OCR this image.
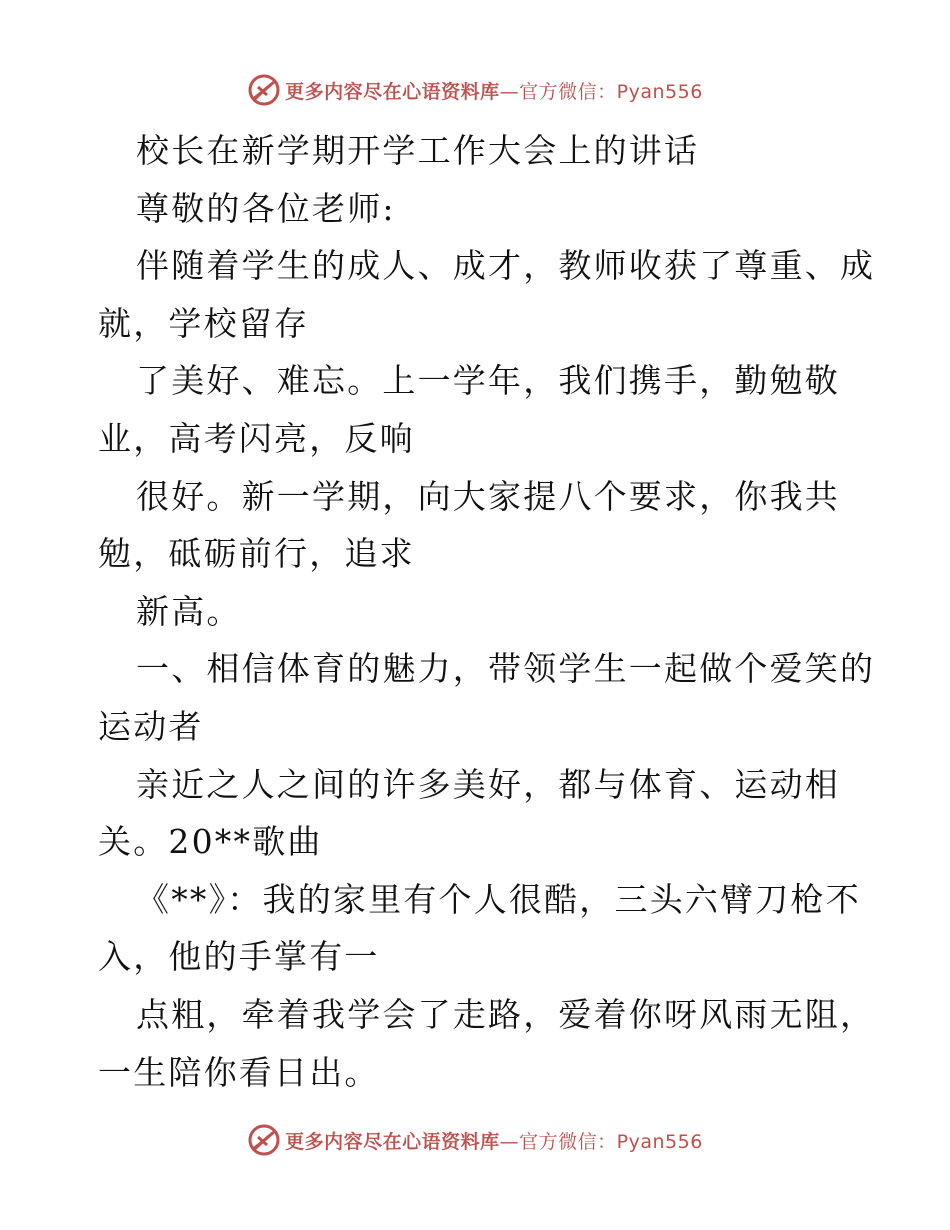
更多内容尽在心语资料库—官方微信：Pyan556
校长在新学期开学工作大会上的讲话
尊敬的各位老师:
伴随着学生的成人、成才，教师收获了尊重、成
就，学校留存
了美好、难忘。上一学年，我们携手，勤勉敬
业，高考闪亮，反响
很好。新一学期，向大家提八个要求，你我共
勉，砥砺前行，追求
新高。
一、相信体育的魅力，带领学生一起做个爱笑的
运动者
亲近之人之间的许多美好，都与体育、运动相
关。20**歌曲
《**》：我的家里有个人很酷，三头六臂刀枪不
入，他的手掌有一
点粗，牵着我学会了走路，爱着你呀风雨无阻，
一生陪你看日出。
更多内容尽在心语资料库—官方微信：Pyan556
